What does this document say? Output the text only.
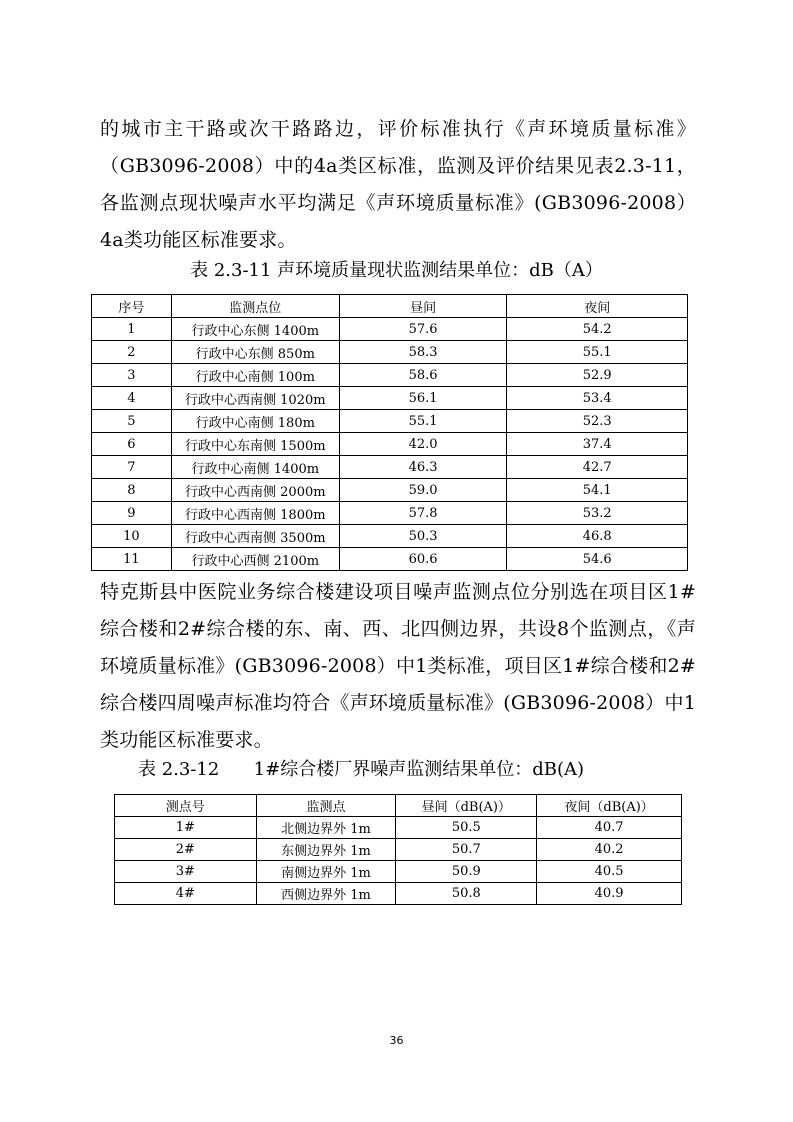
的城市主干路或次干路路边，评价标准执行《声环境质量标准》（GB3096-2008）中的4a类区标准，监测及评价结果见表2.3-11，各监测点现状噪声水平均满足《声环境质量标准》(GB3096-2008）4a类功能区标准要求。

表 2.3-11 声环境质量现状监测结果单位：dB（A）
序号	监测点位	昼间	夜间
1	行政中心东侧 1400m	57.6	54.2
2	行政中心东侧 850m	58.3	55.1
3	行政中心南侧 100m	58.6	52.9
4	行政中心西南侧 1020m	56.1	53.4
5	行政中心南侧 180m	55.1	52.3
6	行政中心东南侧 1500m	42.0	37.4
7	行政中心南侧 1400m	46.3	42.7
8	行政中心西南侧 2000m	59.0	54.1
9	行政中心西南侧 1800m	57.8	53.2
10	行政中心西南侧 3500m	50.3	46.8
11	行政中心西侧 2100m	60.6	54.6

特克斯县中医院业务综合楼建设项目噪声监测点位分别选在项目区1#综合楼和2#综合楼的东、南、西、北四侧边界，共设8个监测点，《声环境质量标准》(GB3096-2008）中1类标准，项目区1#综合楼和2#综合楼四周噪声标准均符合《声环境质量标准》(GB3096-2008）中1类功能区标准要求。

表 2.3-12      1#综合楼厂界噪声监测结果单位：dB(A)
测点号	监测点	昼间（dB(A)）	夜间（dB(A)）
1#	北侧边界外 1m	50.5	40.7
2#	东侧边界外 1m	50.7	40.2
3#	南侧边界外 1m	50.9	40.5
4#	西侧边界外 1m	50.8	40.9
36
